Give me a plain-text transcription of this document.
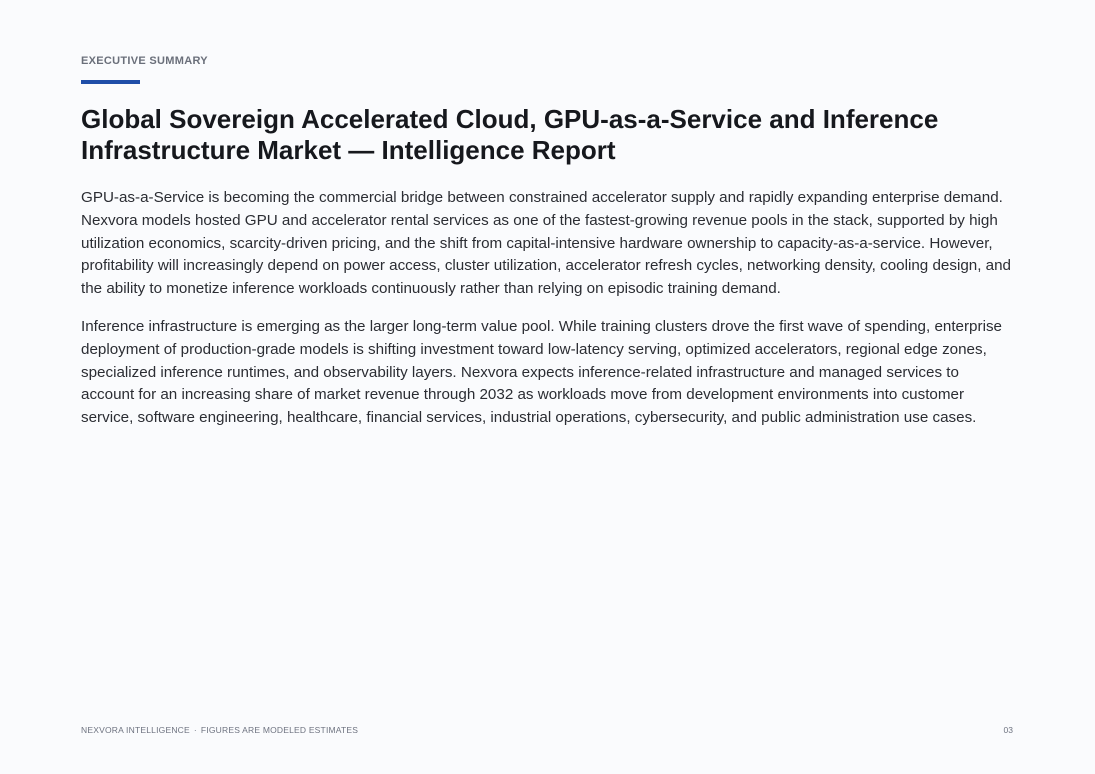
EXECUTIVE SUMMARY
Global Sovereign Accelerated Cloud, GPU-as-a-Service and Inference Infrastructure Market — Intelligence Report

GPU-as-a-Service is becoming the commercial bridge between constrained accelerator supply and rapidly expanding enterprise demand. Nexvora models hosted GPU and accelerator rental services as one of the fastest-growing revenue pools in the stack, supported by high utilization economics, scarcity-driven pricing, and the shift from capital-intensive hardware ownership to capacity-as-a-service. However, profitability will increasingly depend on power access, cluster utilization, accelerator refresh cycles, networking density, cooling design, and the ability to monetize inference workloads continuously rather than relying on episodic training demand.

Inference infrastructure is emerging as the larger long-term value pool. While training clusters drove the first wave of spending, enterprise deployment of production-grade models is shifting investment toward low-latency serving, optimized accelerators, regional edge zones, specialized inference runtimes, and observability layers. Nexvora expects inference-related infrastructure and managed services to account for an increasing share of market revenue through 2032 as workloads move from development environments into customer service, software engineering, healthcare, financial services, industrial operations, cybersecurity, and public administration use cases.

NEXVORA INTELLIGENCE · FIGURES ARE MODELED ESTIMATES	03
